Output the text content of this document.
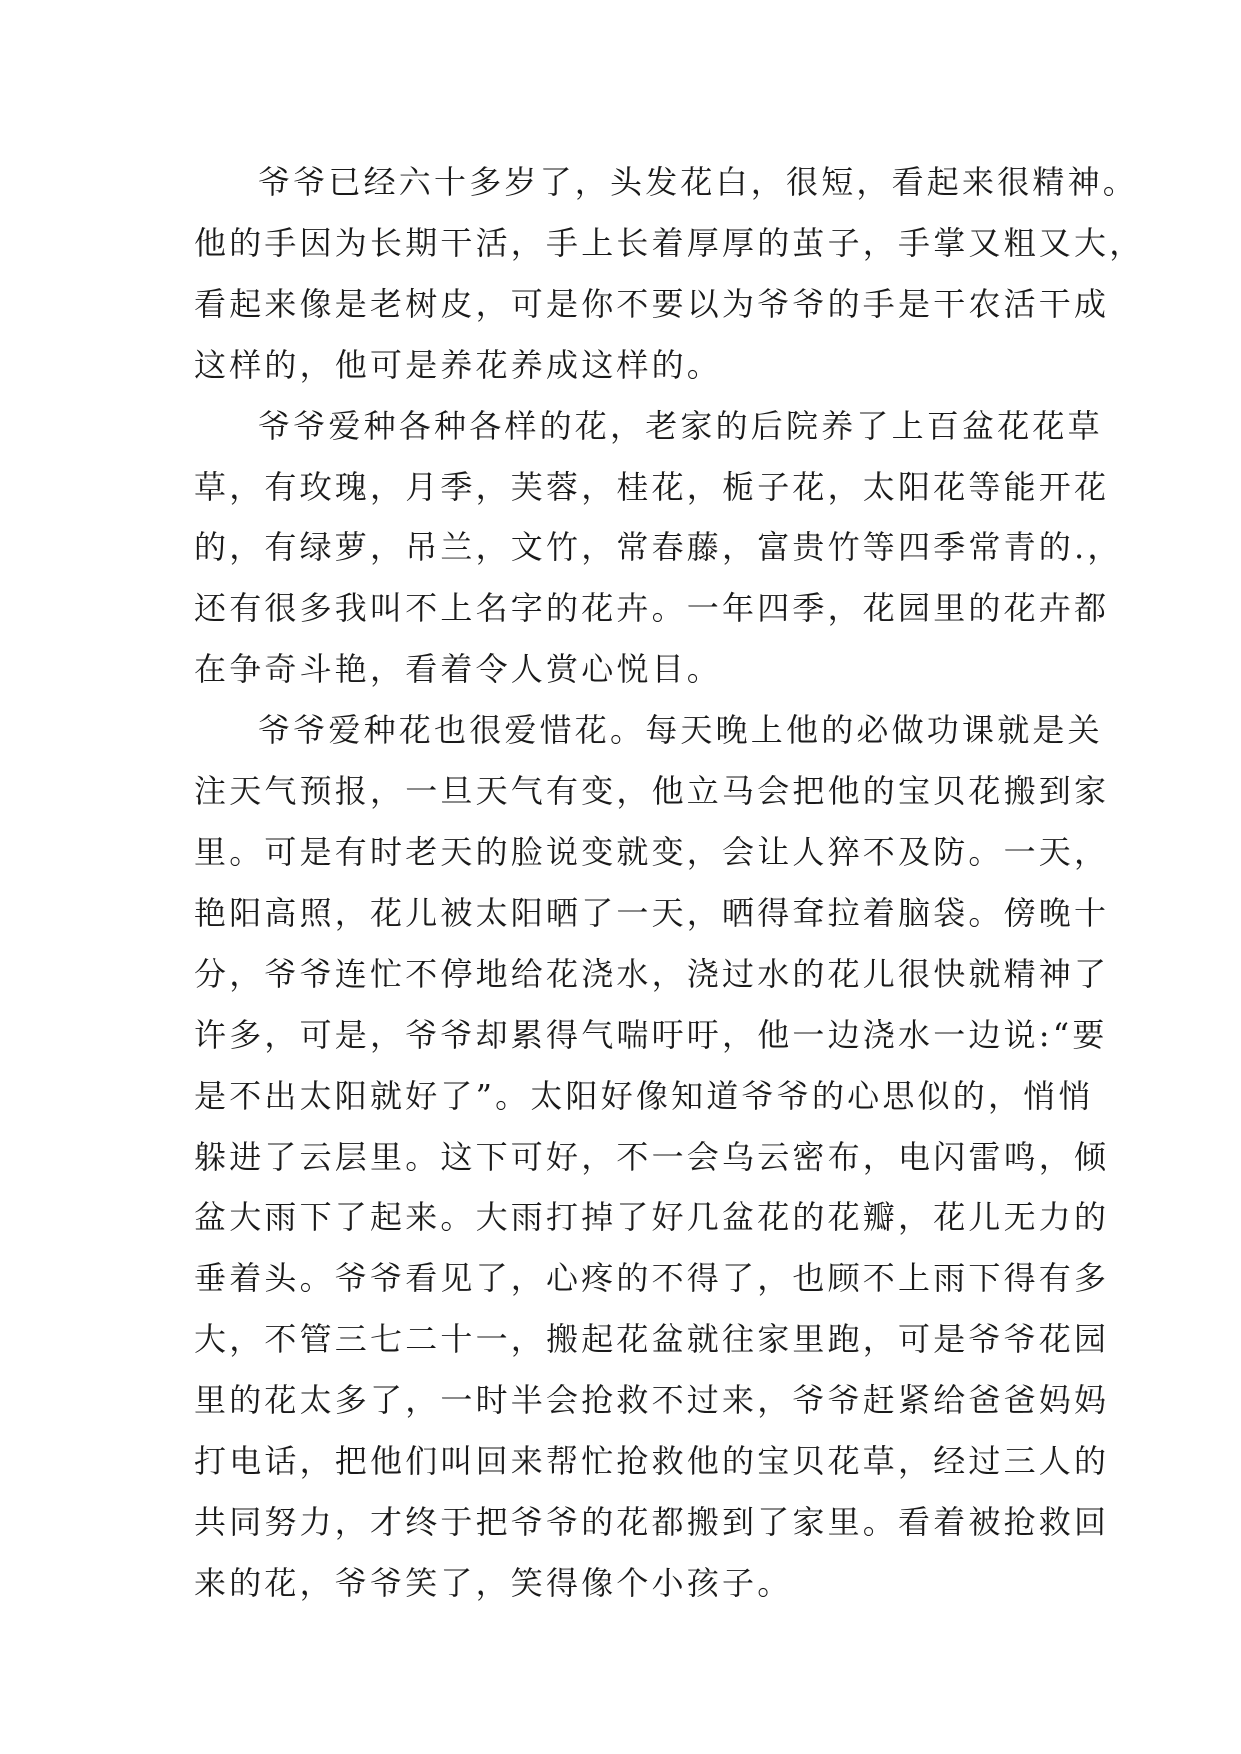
爷爷已经六十多岁了，头发花白，很短，看起来很精神。
他的手因为长期干活，手上长着厚厚的茧子，手掌又粗又大，
看起来像是老树皮，可是你不要以为爷爷的手是干农活干成
这样的，他可是养花养成这样的。

爷爷爱种各种各样的花，老家的后院养了上百盆花花草
草，有玫瑰，月季，芙蓉，桂花，栀子花，太阳花等能开花
的，有绿萝，吊兰，文竹，常春藤，富贵竹等四季常青的.，
还有很多我叫不上名字的花卉。一年四季，花园里的花卉都
在争奇斗艳，看着令人赏心悦目。

爷爷爱种花也很爱惜花。每天晚上他的必做功课就是关
注天气预报，一旦天气有变，他立马会把他的宝贝花搬到家
里。可是有时老天的脸说变就变，会让人猝不及防。一天，
艳阳高照，花儿被太阳晒了一天，晒得耷拉着脑袋。傍晚十
分，爷爷连忙不停地给花浇水，浇过水的花儿很快就精神了
许多，可是，爷爷却累得气喘吁吁，他一边浇水一边说:“要
是不出太阳就好了”。太阳好像知道爷爷的心思似的，悄悄
躲进了云层里。这下可好，不一会乌云密布，电闪雷鸣，倾
盆大雨下了起来。大雨打掉了好几盆花的花瓣，花儿无力的
垂着头。爷爷看见了，心疼的不得了，也顾不上雨下得有多
大，不管三七二十一，搬起花盆就往家里跑，可是爷爷花园
里的花太多了，一时半会抢救不过来，爷爷赶紧给爸爸妈妈
打电话，把他们叫回来帮忙抢救他的宝贝花草，经过三人的
共同努力，才终于把爷爷的花都搬到了家里。看着被抢救回
来的花，爷爷笑了，笑得像个小孩子。
